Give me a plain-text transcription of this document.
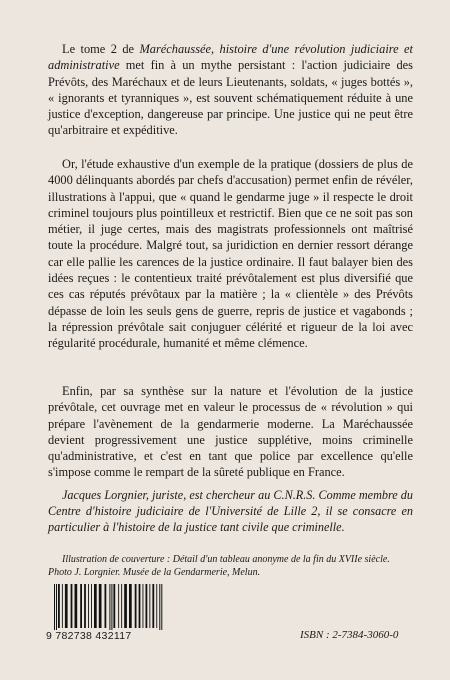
Le tome 2 de Maréchaussée, histoire d'une révolution judiciaire et administrative met fin à un mythe persistant : l'action judiciaire des Prévôts, des Maréchaux et de leurs Lieutenants, soldats, « juges bottés », « ignorants et tyranniques », est souvent schématiquement réduite à une justice d'exception, dangereuse par principe. Une justice qui ne peut être qu'arbitraire et expéditive.

Or, l'étude exhaustive d'un exemple de la pratique (dossiers de plus de 4000 délinquants abordés par chefs d'accusation) permet enfin de révéler, illustrations à l'appui, que « quand le gendarme juge » il respecte le droit criminel toujours plus pointilleux et restrictif. Bien que ce ne soit pas son métier, il juge certes, mais des magistrats professionnels ont maîtrisé toute la procédure. Malgré tout, sa juridiction en dernier ressort dérange car elle pallie les carences de la justice ordinaire. Il faut balayer bien des idées reçues : le contentieux traité prévôtalement est plus diversifié que ces cas réputés prévôtaux par la matière ; la « clientèle » des Prévôts dépasse de loin les seuls gens de guerre, repris de justice et vagabonds ; la répression prévôtale sait conjuguer célérité et rigueur de la loi avec régularité procédurale, humanité et même clémence.

Enfin, par sa synthèse sur la nature et l'évolution de la justice prévôtale, cet ouvrage met en valeur le processus de « révolution » qui prépare l'avènement de la gendarmerie moderne. La Maréchaussée devient progressivement une justice supplétive, moins criminelle qu'administrative, et c'est en tant que police par excellence qu'elle s'impose comme le rempart de la sûreté publique en France.

Jacques Lorgnier, juriste, est chercheur au C.N.R.S. Comme membre du Centre d'histoire judiciaire de l'Université de Lille 2, il se consacre en particulier à l'histoire de la justice tant civile que criminelle.

Illustration de couverture : Détail d'un tableau anonyme de la fin du XVIIe siècle.
Photo J. Lorgnier. Musée de la Gendarmerie, Melun.

9 782738 432117	ISBN : 2-7384-3060-0
